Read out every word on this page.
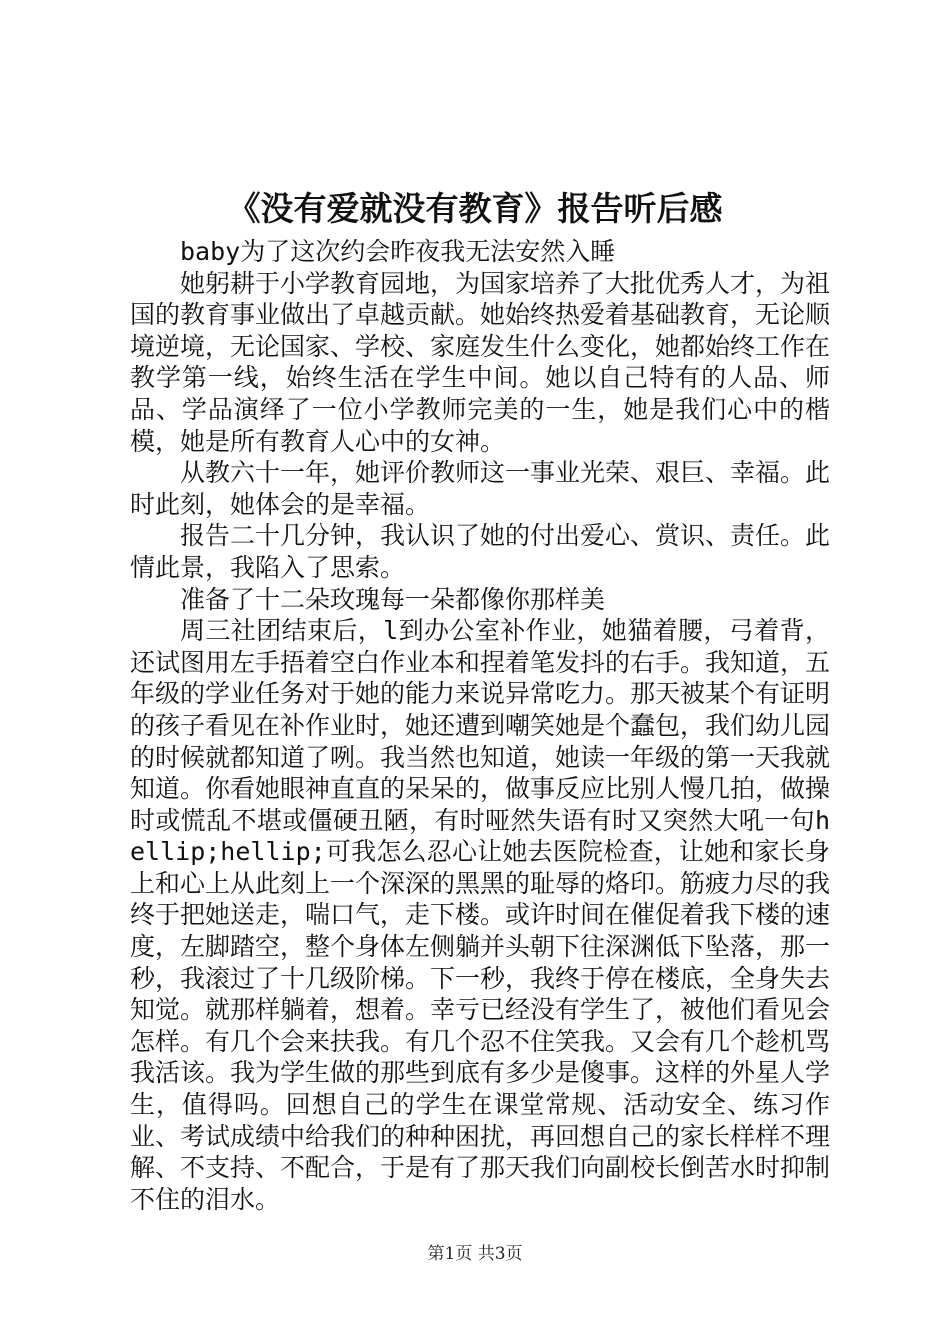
《没有爱就没有教育》报告听后感

baby为了这次约会昨夜我无法安然入睡

她躬耕于小学教育园地，为国家培养了大批优秀人才，为祖国的教育事业做出了卓越贡献。她始终热爱着基础教育，无论顺境逆境，无论国家、学校、家庭发生什么变化，她都始终工作在教学第一线，始终生活在学生中间。她以自己特有的人品、师品、学品演绎了一位小学教师完美的一生，她是我们心中的楷模，她是所有教育人心中的女神。

从教六十一年，她评价教师这一事业光荣、艰巨、幸福。此时此刻，她体会的是幸福。

报告二十几分钟，我认识了她的付出爱心、赏识、责任。此情此景，我陷入了思索。

准备了十二朵玫瑰每一朵都像你那样美

周三社团结束后，l到办公室补作业，她猫着腰，弓着背，还试图用左手捂着空白作业本和捏着笔发抖的右手。我知道，五年级的学业任务对于她的能力来说异常吃力。那天被某个有证明的孩子看见在补作业时，她还遭到嘲笑她是个蠢包，我们幼儿园的时候就都知道了咧。我当然也知道，她读一年级的第一天我就知道。你看她眼神直直的呆呆的，做事反应比别人慢几拍，做操时或慌乱不堪或僵硬丑陋，有时哑然失语有时又突然大吼一句hellip;hellip;可我怎么忍心让她去医院检查，让她和家长身上和心上从此刻上一个深深的黑黑的耻辱的烙印。筋疲力尽的我终于把她送走，喘口气，走下楼。或许时间在催促着我下楼的速度，左脚踏空，整个身体左侧躺并头朝下往深渊低下坠落，那一秒，我滚过了十几级阶梯。下一秒，我终于停在楼底，全身失去知觉。就那样躺着，想着。幸亏已经没有学生了，被他们看见会怎样。有几个会来扶我。有几个忍不住笑我。又会有几个趁机骂我活该。我为学生做的那些到底有多少是傻事。这样的外星人学生，值得吗。回想自己的学生在课堂常规、活动安全、练习作业、考试成绩中给我们的种种困扰，再回想自己的家长样样不理解、不支持、不配合，于是有了那天我们向副校长倒苦水时抑制不住的泪水。

第1页 共3页
